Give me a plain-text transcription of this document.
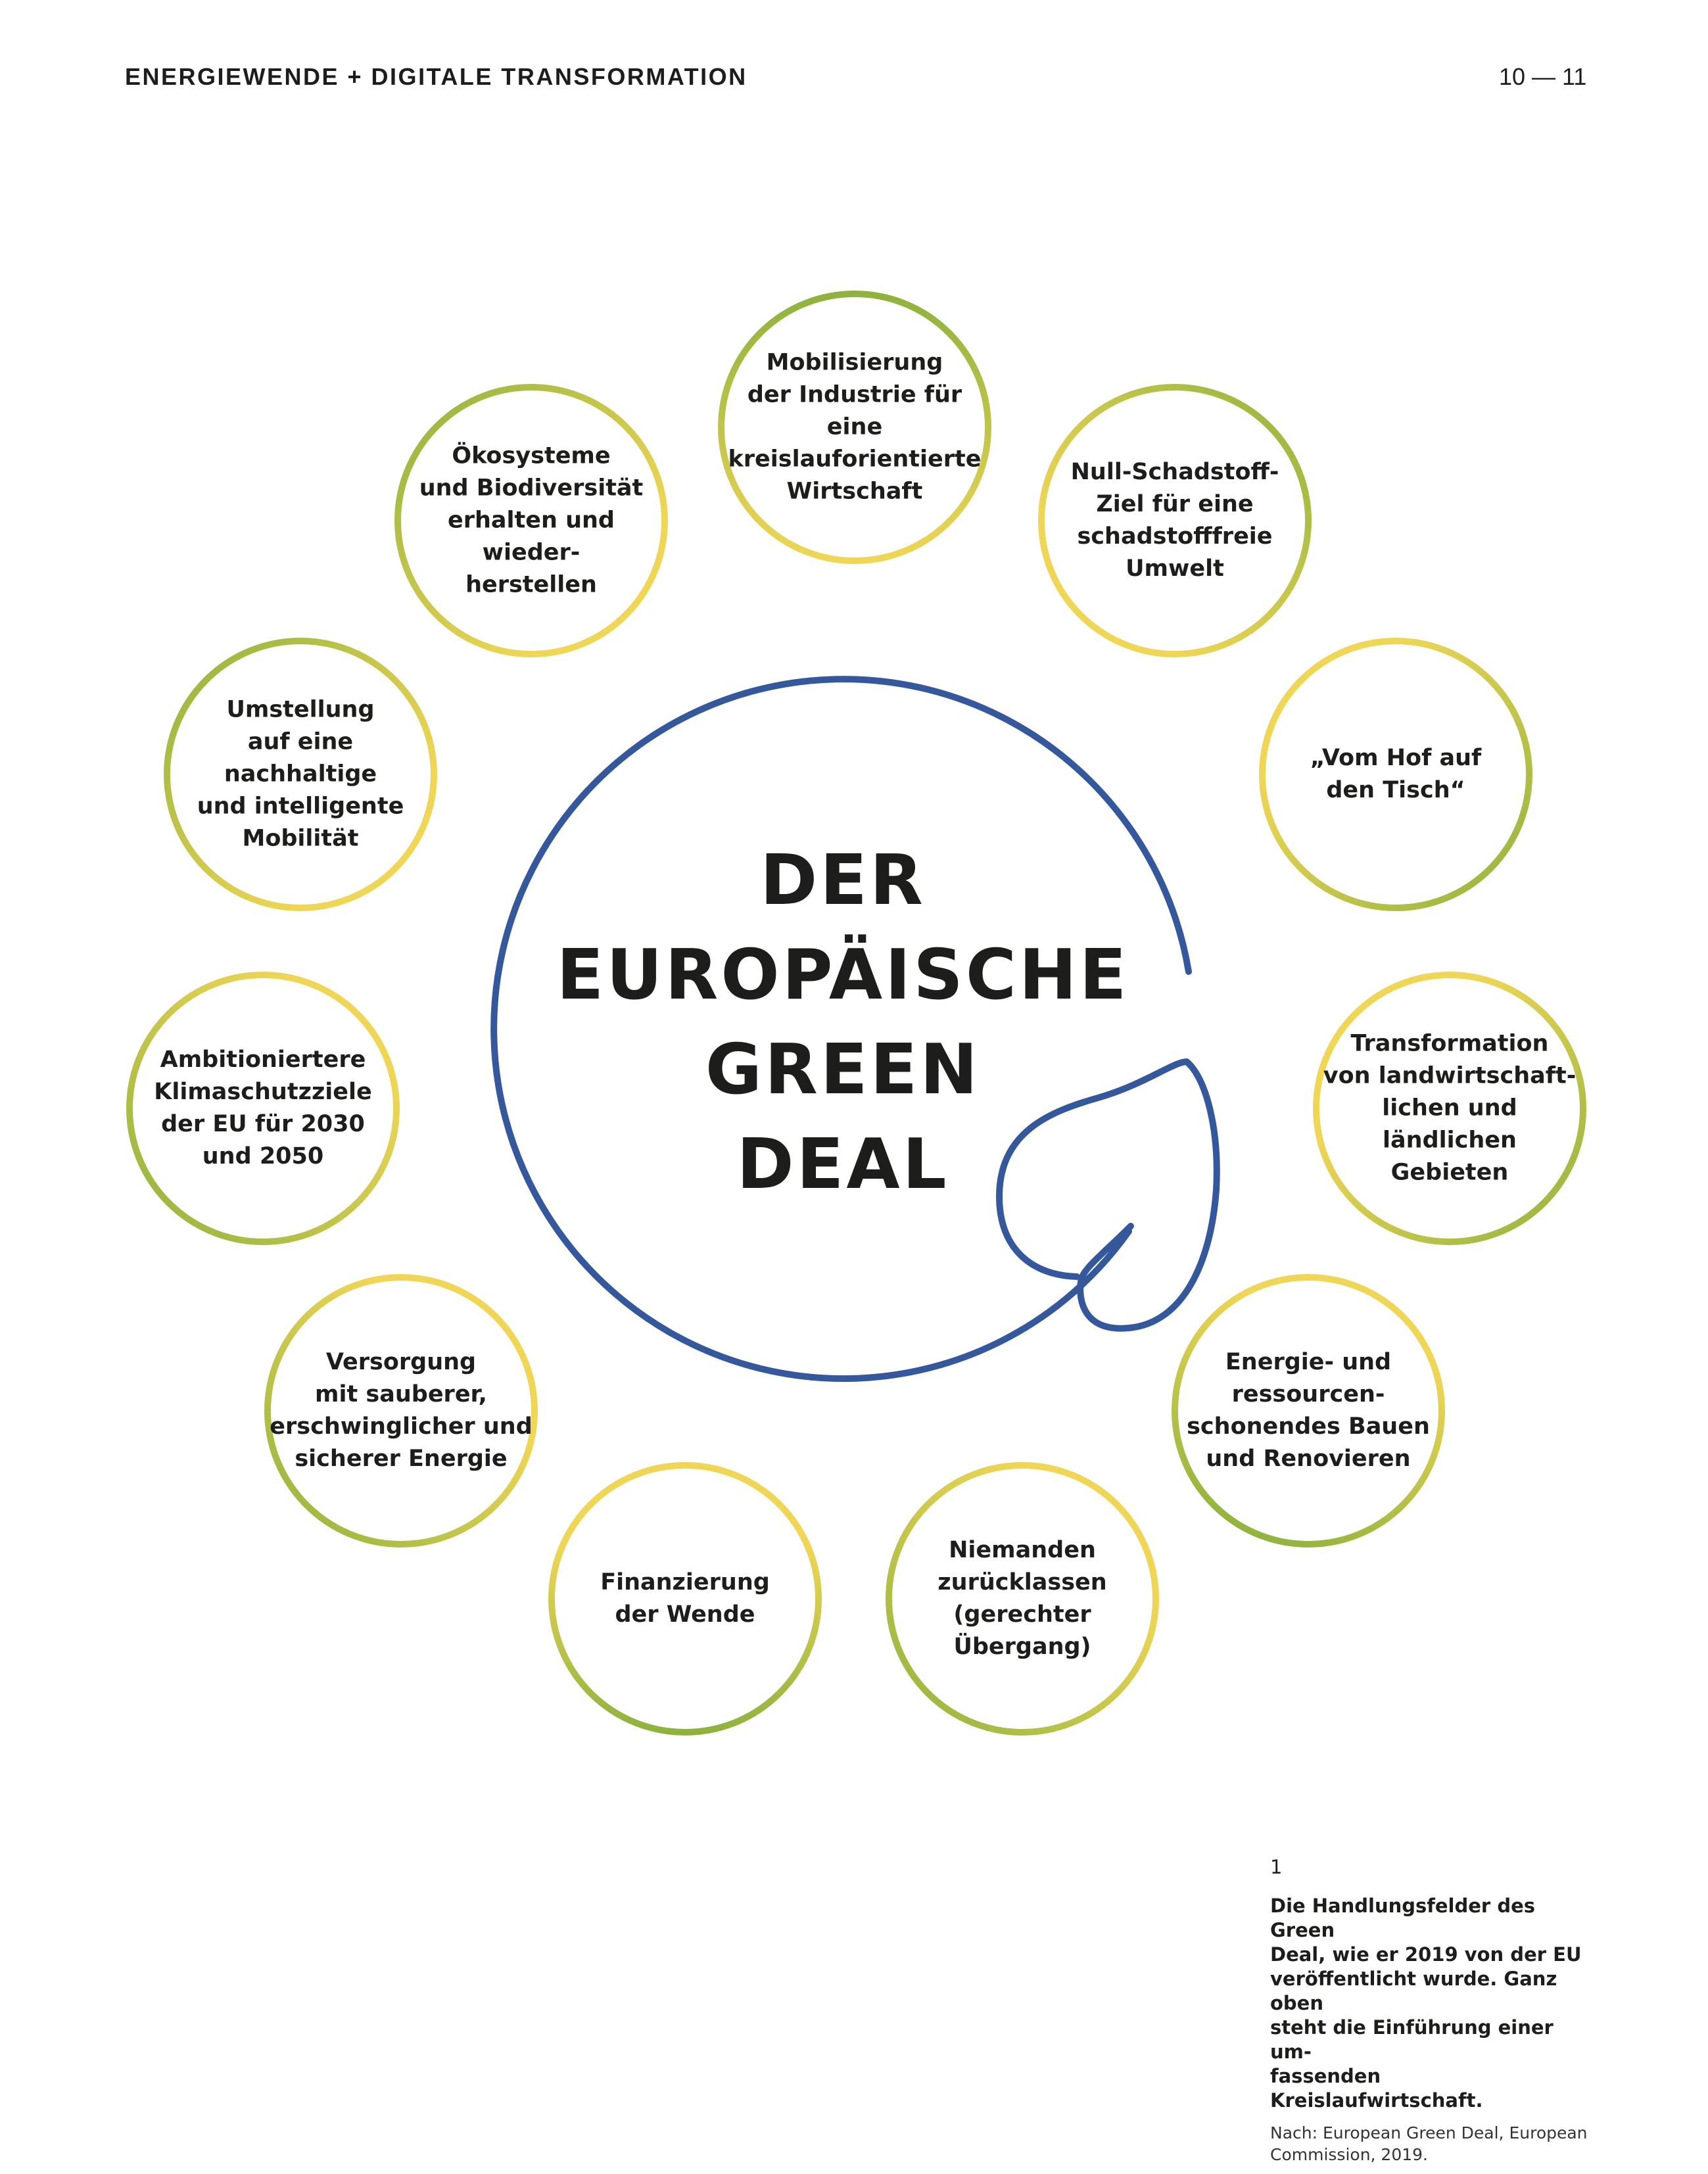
ENERGIEWENDE + DIGITALE TRANSFORMATION	10 — 11
Mobilisierung
der Industrie für eine
kreislauforientierte
Wirtschaft
Null-Schadstoff-
Ziel für eine
schadstofffreie
Umwelt
„Vom Hof auf
den Tisch“
Transformation
von landwirtschaft-
lichen und ländlichen
Gebieten
Energie- und
ressourcen-
schonendes Bauen
und Renovieren
Niemanden
zurücklassen
(gerechter
Übergang)
Finanzierung
der Wende
Versorgung
mit sauberer,
erschwinglicher und
sicherer Energie
Ambitioniertere
Klimaschutzziele
der EU für 2030
und 2050
Umstellung
auf eine nachhaltige
und intelligente
Mobilität
Ökosysteme
und Biodiversität
erhalten und wieder-
herstellen
DER
EUROPÄISCHE
GREEN
DEAL
1
Die Handlungsfelder des Green
Deal, wie er 2019 von der EU
veröffentlicht wurde. Ganz oben
steht die Einführung einer um-
fassenden Kreislaufwirtschaft.
Nach: European Green Deal, European
Commission, 2019.
